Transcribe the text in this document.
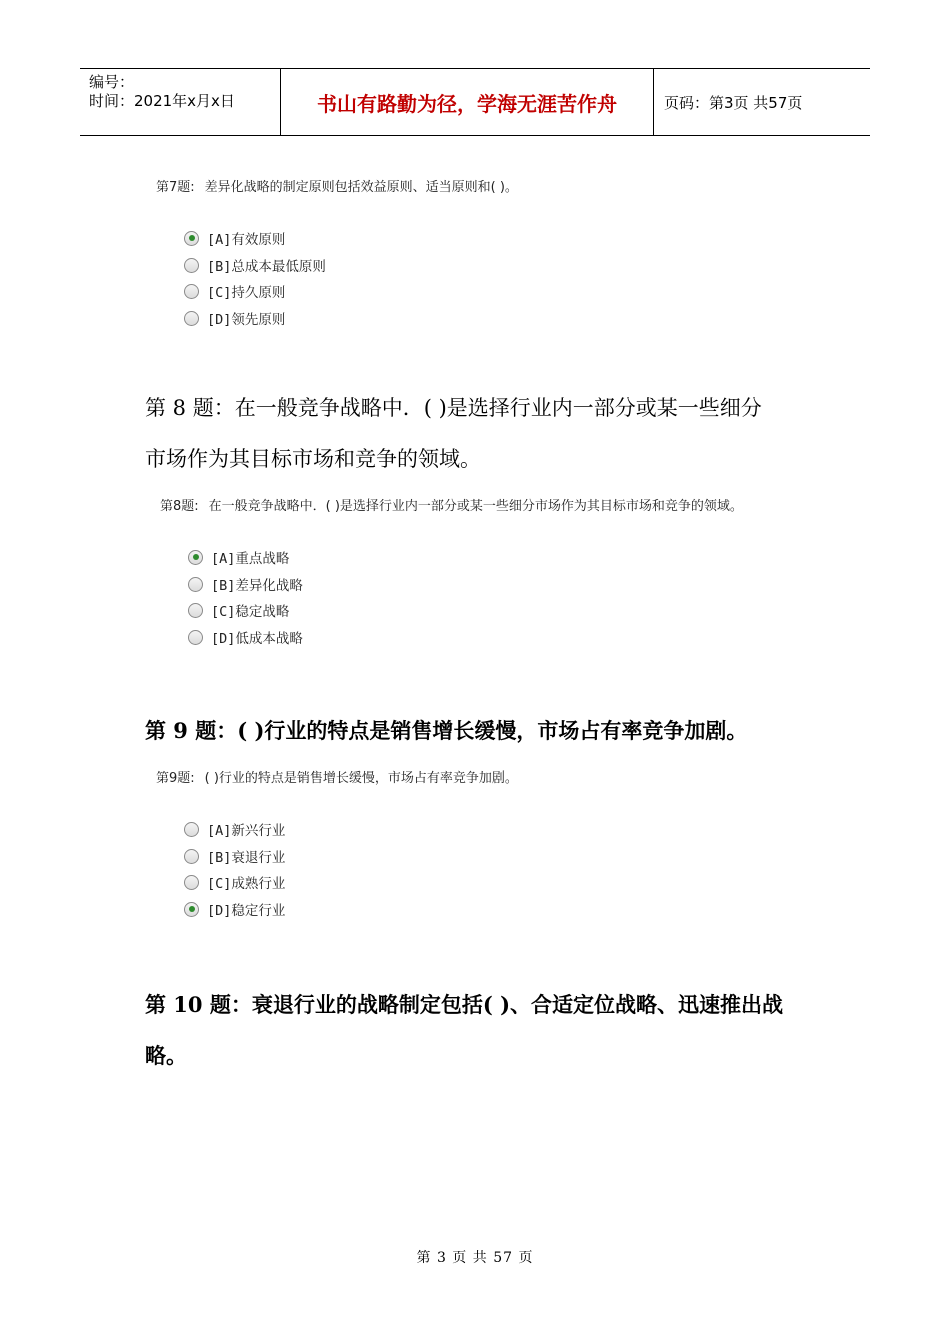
编号：
时间：2021年x月x日	书山有路勤为径，学海无涯苦作舟	页码：第3页 共57页
第7题: 差异化战略的制定原则包括效益原则、适当原则和( )。
[A]有效原则
[B]总成本最低原则
[C]持久原则
[D]领先原则
第 8 题：在一般竞争战略中．( )是选择行业内一部分或某一些细分
市场作为其目标市场和竞争的领域。
第8题: 在一般竞争战略中．( )是选择行业内一部分或某一些细分市场作为其目标市场和竞争的领域。
[A]重点战略
[B]差异化战略
[C]稳定战略
[D]低成本战略
第 9 题：( )行业的特点是销售增长缓慢，市场占有率竞争加剧。
第9题: ( )行业的特点是销售增长缓慢，市场占有率竞争加剧。
[A]新兴行业
[B]衰退行业
[C]成熟行业
[D]稳定行业
第 10 题：衰退行业的战略制定包括( )、合适定位战略、迅速推出战
略。
第 3 页 共 57 页
